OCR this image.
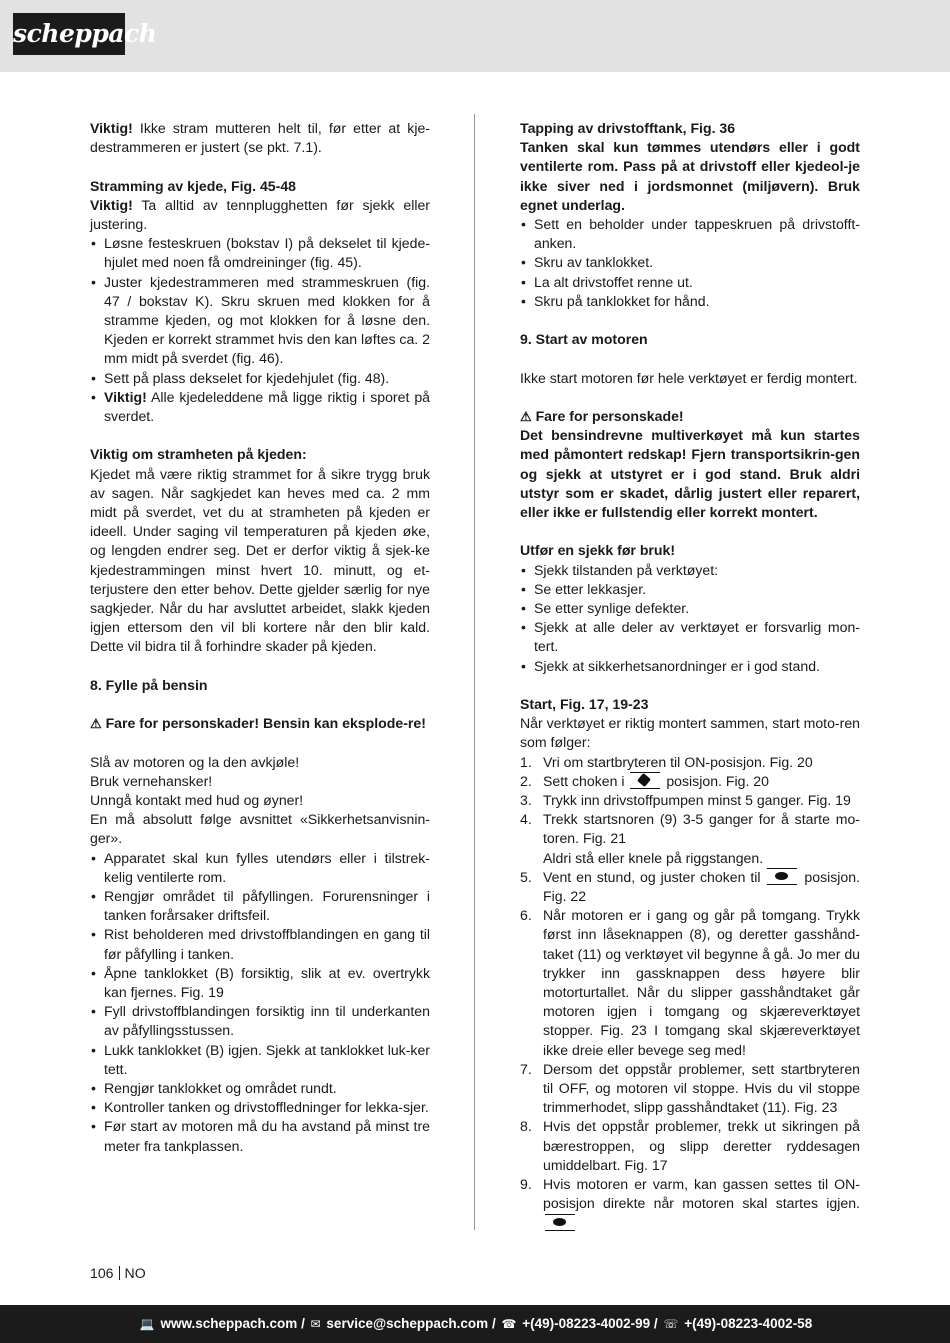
scheppach

Viktig! Ikke stram mutteren helt til, før etter at kje-destrammeren er justert (se pkt. 7.1).

Stramming av kjede, Fig. 45-48

Viktig! Ta alltid av tennplugghetten før sjekk eller justering.

• Løsne festeskruen (bokstav I) på dekselet til kjede-hjulet med noen få omdreininger (fig. 45).
• Juster kjedestrammeren med strammeskruen (fig. 47 / bokstav K). Skru skruen med klokken for å stramme kjeden, og mot klokken for å løsne den. Kjeden er korrekt strammet hvis den kan løftes ca. 2 mm midt på sverdet (fig. 46).
• Sett på plass dekselet for kjedehjulet (fig. 48).
• Viktig! Alle kjedeleddene må ligge riktig i sporet på sverdet.

Viktig om stramheten på kjeden:

Kjedet må være riktig strammet for å sikre trygg bruk av sagen. Når sagkjedet kan heves med ca. 2 mm midt på sverdet, vet du at stramheten på kjeden er ideell. Under saging vil temperaturen på kjeden øke, og lengden endrer seg. Det er derfor viktig å sjek-ke kjedestrammingen minst hvert 10. minutt, og et-terjustere den etter behov. Dette gjelder særlig for nye sagkjeder. Når du har avsluttet arbeidet, slakk kjeden igjen ettersom den vil bli kortere når den blir kald. Dette vil bidra til å forhindre skader på kjeden.

8. Fylle på bensin

⚠ Fare for personskader! Bensin kan eksplode-re!

Slå av motoren og la den avkjøle!

Bruk vernehansker!

Unngå kontakt med hud og øyner!

En må absolutt følge avsnittet «Sikkerhetsanvisnin-ger».

• Apparatet skal kun fylles utendørs eller i tilstrek-kelig ventilerte rom.
• Rengjør området til påfyllingen. Forurensninger i tanken forårsaker driftsfeil.
• Rist beholderen med drivstoffblandingen en gang til før påfylling i tanken.
• Åpne tanklokket (B) forsiktig, slik at ev. overtrykk kan fjernes. Fig. 19
• Fyll drivstoffblandingen forsiktig inn til underkanten av påfyllingsstussen.
• Lukk tanklokket (B) igjen. Sjekk at tanklokket luk-ker tett.
• Rengjør tanklokket og området rundt.
• Kontroller tanken og drivstoffledninger for lekka-sjer.
• Før start av motoren må du ha avstand på minst tre meter fra tankplassen.

Tapping av drivstofftank, Fig. 36

Tanken skal kun tømmes utendørs eller i godt ventilerte rom. Pass på at drivstoff eller kjedeol-je ikke siver ned i jordsmonnet (miljøvern). Bruk egnet underlag.

• Sett en beholder under tappeskruen på drivstofft-anken.
• Skru av tanklokket.
• La alt drivstoffet renne ut.
• Skru på tanklokket for hånd.

9. Start av motoren

Ikke start motoren før hele verktøyet er ferdig montert.

⚠ Fare for personskade!

Det bensindrevne multiverkøyet må kun startes med påmontert redskap! Fjern transportsikrin-gen og sjekk at utstyret er i god stand. Bruk aldri utstyr som er skadet, dårlig justert eller reparert, eller ikke er fullstendig eller korrekt montert.

Utfør en sjekk før bruk!

• Sjekk tilstanden på verktøyet:
• Se etter lekkasjer.
• Se etter synlige defekter.
• Sjekk at alle deler av verktøyet er forsvarlig mon-tert.
• Sjekk at sikkerhetsanordninger er i god stand.

Start, Fig. 17, 19-23

Når verktøyet er riktig montert sammen, start moto-ren som følger:

1. Vri om startbryteren til ON-posisjon. Fig. 20
2. Sett choken i	posisjon. Fig. 20
3. Trykk inn drivstoffpumpen minst 5 ganger. Fig. 19
4. Trekk startsnoren (9) 3-5 ganger for å starte mo-toren. Fig. 21
Aldri stå eller knele på riggstangen.
5. Vent en stund, og juster choken til	posisjon. Fig. 22
6. Når motoren er i gang og går på tomgang. Trykk først inn låseknappen (8), og deretter gasshånd-taket (11) og verktøyet vil begynne å gå. Jo mer du trykker inn gassknappen dess høyere blir motorturtallet. Når du slipper gasshåndtaket går motoren igjen i tomgang og skjæreverktøyet stopper. Fig. 23 I tomgang skal skjæreverktøyet ikke dreie eller bevege seg med!
7. Dersom det oppstår problemer, sett startbryteren til OFF, og motoren vil stoppe. Hvis du vil stoppe trimmerhodet, slipp gasshåndtaket (11). Fig. 23
8. Hvis det oppstår problemer, trekk ut sikringen på bærestroppen, og slipp deretter ryddesagen umiddelbart. Fig. 17
9. Hvis motoren er varm, kan gassen settes til ON-posisjon direkte når motoren skal startes igjen.
106 NO
💻 www.scheppach.com / ✉ service@scheppach.com / ☎ +(49)-08223-4002-99 / ☏ +(49)-08223-4002-58
